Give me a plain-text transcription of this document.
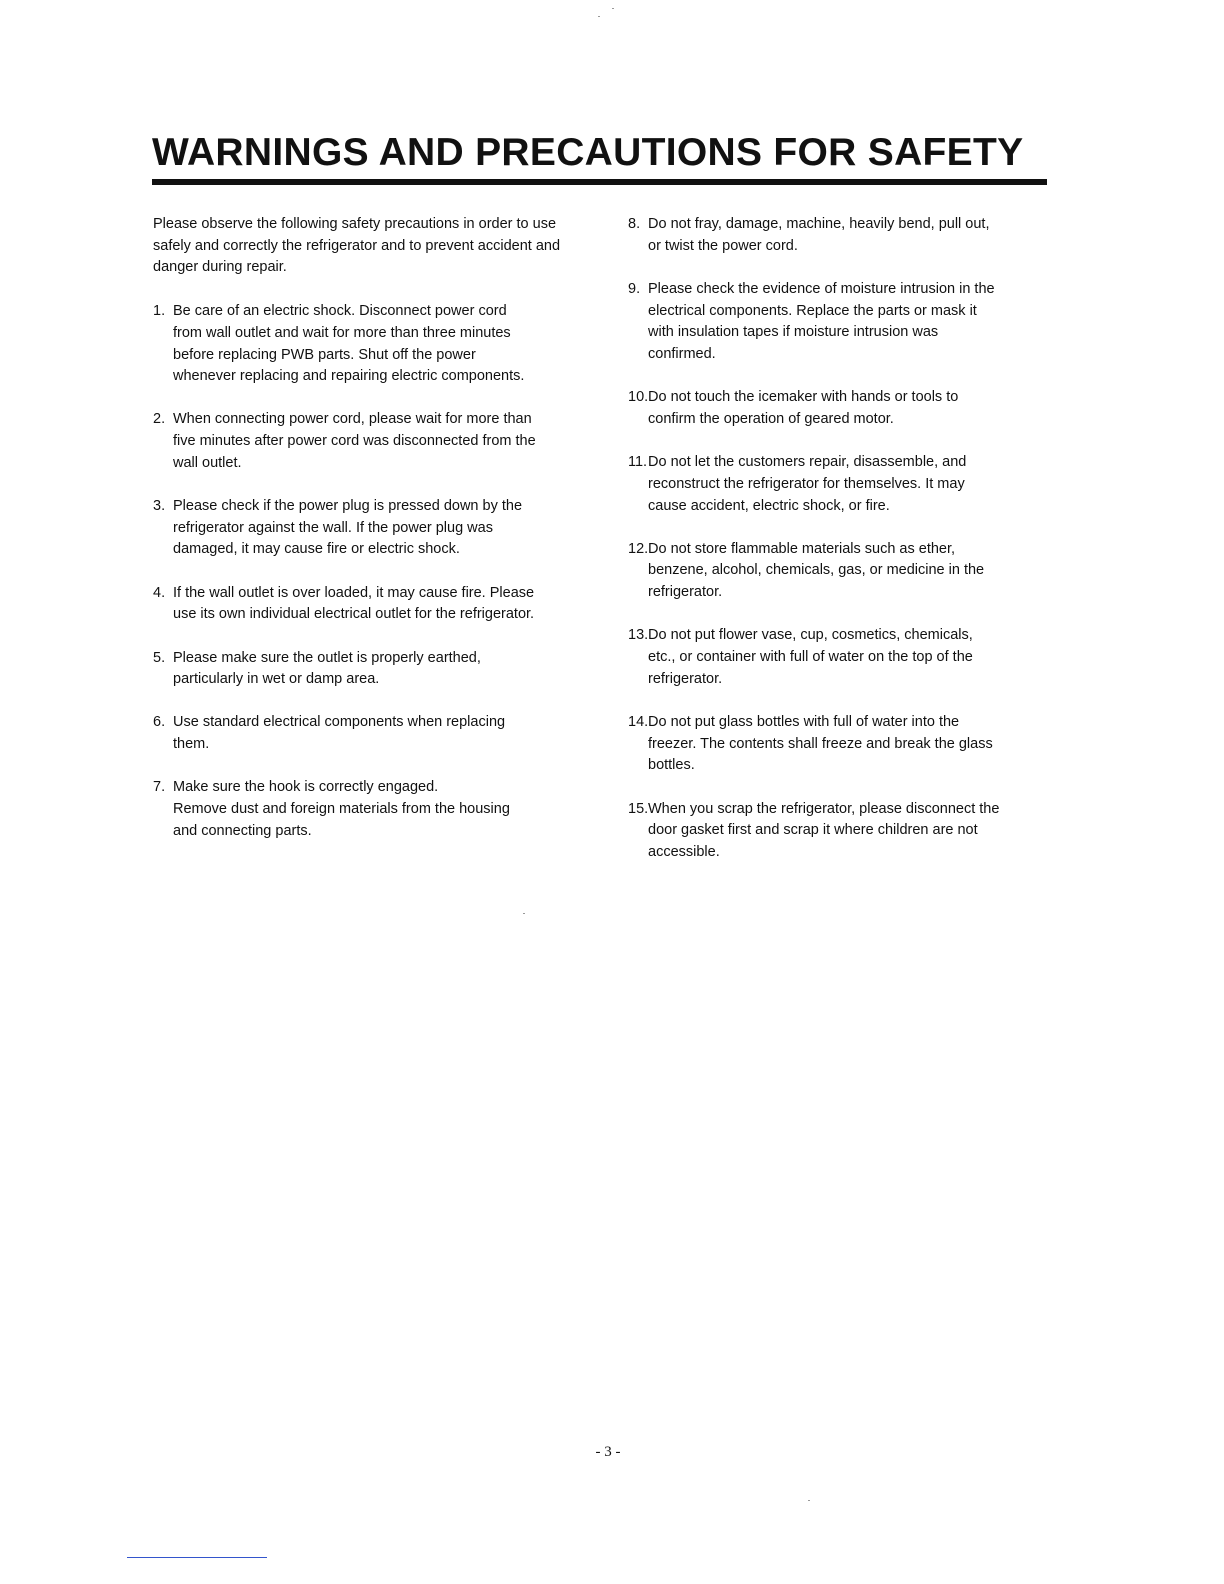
WARNINGS AND PRECAUTIONS FOR SAFETY

Please observe the following safety precautions in order to use safely and correctly the refrigerator and to prevent accident and danger during repair.

1. Be care of an electric shock. Disconnect power cord
from wall outlet and wait for more than three minutes
before replacing PWB parts. Shut off the power
whenever replacing and repairing electric components.
2. When connecting power cord, please wait for more than
five minutes after power cord was disconnected from the
wall outlet.
3. Please check if the power plug is pressed down by the
refrigerator against the wall. If the power plug was
damaged, it may cause fire or electric shock.
4. If the wall outlet is over loaded, it may cause fire. Please
use its own individual electrical outlet for the refrigerator.
5. Please make sure the outlet is properly earthed,
particularly in wet or damp area.
6. Use standard electrical components when replacing
them.
7. Make sure the hook is correctly engaged.
Remove dust and foreign materials from the housing
and connecting parts.
8. Do not fray, damage, machine, heavily bend, pull out,
or twist the power cord.
9. Please check the evidence of moisture intrusion in the
electrical components. Replace the parts or mask it
with insulation tapes if moisture intrusion was
confirmed.
10. Do not touch the icemaker with hands or tools to
confirm the operation of geared motor.
11. Do not let the customers repair, disassemble, and
reconstruct the refrigerator for themselves. It may
cause accident, electric shock, or fire.
12. Do not store flammable materials such as ether,
benzene, alcohol, chemicals, gas, or medicine in the
refrigerator.
13. Do not put flower vase, cup, cosmetics, chemicals,
etc., or container with full of water on the top of the
refrigerator.
14. Do not put glass bottles with full of water into the
freezer. The contents shall freeze and break the glass
bottles.
15. When you scrap the refrigerator, please disconnect the
door gasket first and scrap it where children are not
accessible.
- 3 -
